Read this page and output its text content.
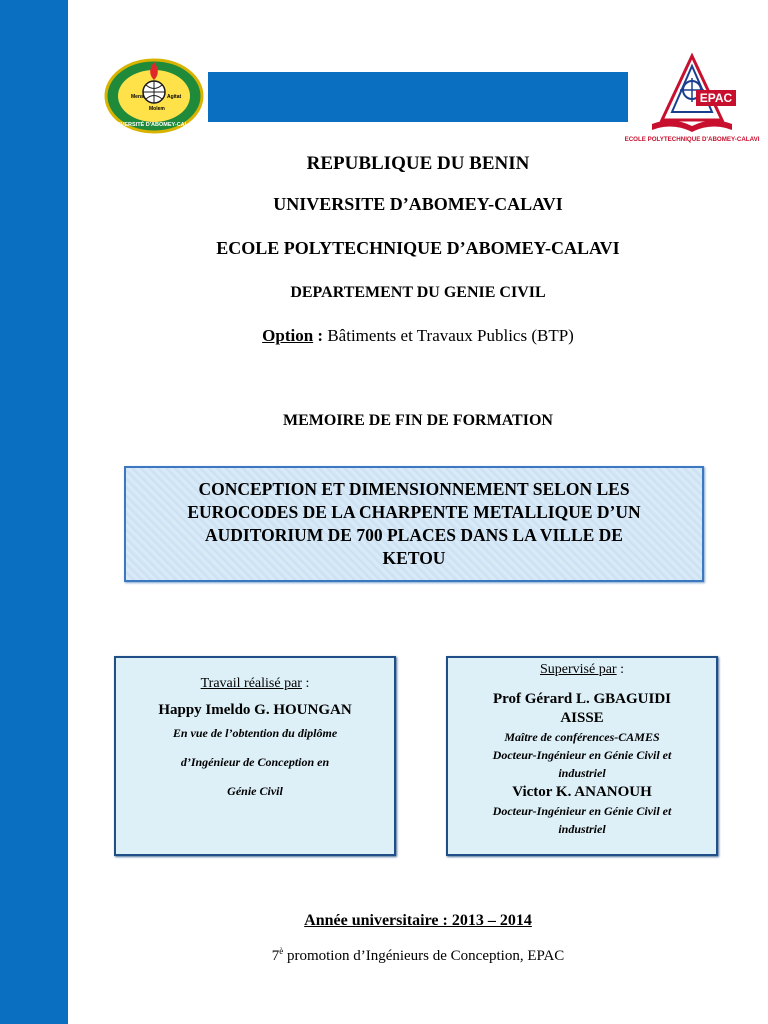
Mens	Agitat
Molem
UNIVERSITÉ D'ABOMEY-CALAVI
EPAC
ECOLE POLYTECHNIQUE D'ABOMEY-CALAVI
REPUBLIQUE DU BENIN
UNIVERSITE D’ABOMEY-CALAVI
ECOLE POLYTECHNIQUE D’ABOMEY-CALAVI
DEPARTEMENT DU GENIE CIVIL
Option : Bâtiments et Travaux Publics (BTP)
MEMOIRE DE FIN DE FORMATION
CONCEPTION ET DIMENSIONNEMENT SELON LES
EUROCODES DE LA CHARPENTE METALLIQUE D’UN
AUDITORIUM DE 700 PLACES DANS LA VILLE DE
KETOU
Travail réalisé par :
Happy Imeldo G. HOUNGAN
En vue de l’obtention du diplôme
d’Ingénieur de Conception en
Génie Civil
Supervisé par :
Prof Gérard L. GBAGUIDI
AISSE
Maître de conférences-CAMES
Docteur-Ingénieur en Génie Civil et
industriel
Victor K. ANANOUH
Docteur-Ingénieur en Génie Civil et
industriel
Année universitaire : 2013 – 2014
$7^è$ promotion d’Ingénieurs de Conception, EPAC
